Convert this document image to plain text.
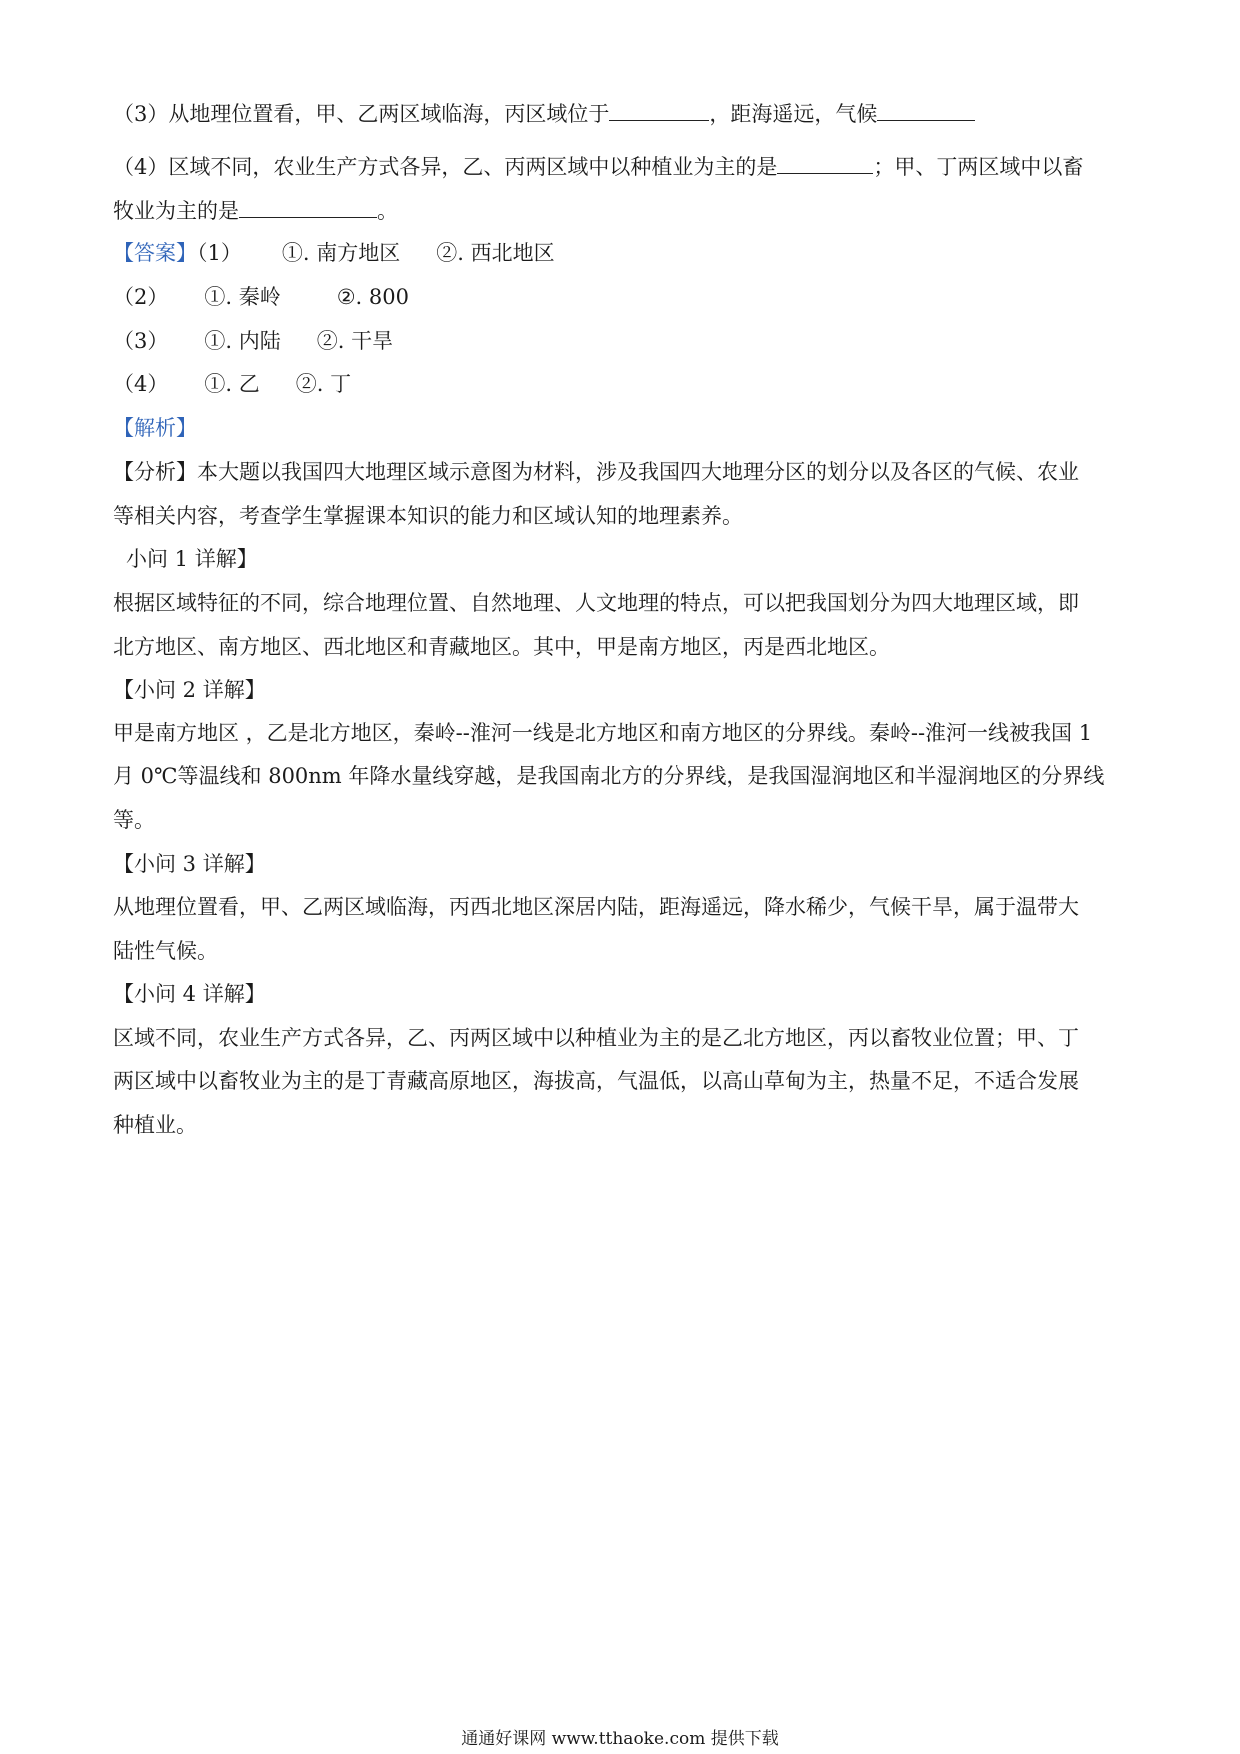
（3）从地理位置看，甲、乙两区域临海，丙区域位于	，距海遥远，气候
（4）区域不同，农业生产方式各异，乙、丙两区域中以种植业为主的是	；甲、丁两区域中以畜
牧业为主的是	。
【答案】（1） ①. 南方地区 ②. 西北地区
（2） ①. 秦岭	②. 800
（3） ①. 内陆 ②. 干旱
（4） ①. 乙 ②. 丁
【解析】
【分析】本大题以我国四大地理区域示意图为材料，涉及我国四大地理分区的划分以及各区的气候、农业
等相关内容，考查学生掌握课本知识的能力和区域认知的地理素养。
小问 1 详解】
根据区域特征的不同，综合地理位置、自然地理、人文地理的特点，可以把我国划分为四大地理区域，即
北方地区、南方地区、西北地区和青藏地区。其中，甲是南方地区，丙是西北地区。
【小问 2 详解】
甲是南方地区 ，乙是北方地区，秦岭--淮河一线是北方地区和南方地区的分界线。秦岭--淮河一线被我国 1
月 0℃等温线和 800nm 年降水量线穿越，是我国南北方的分界线，是我国湿润地区和半湿润地区的分界线
等。
【小问 3 详解】
从地理位置看，甲、乙两区域临海，丙西北地区深居内陆，距海遥远，降水稀少，气候干旱，属于温带大
陆性气候。
【小问 4 详解】
区域不同，农业生产方式各异，乙、丙两区域中以种植业为主的是乙北方地区，丙以畜牧业位置；甲、丁
两区域中以畜牧业为主的是丁青藏高原地区，海拔高，气温低，以高山草甸为主，热量不足，不适合发展
种植业。
通通好课网 www.tthaoke.com 提供下载
